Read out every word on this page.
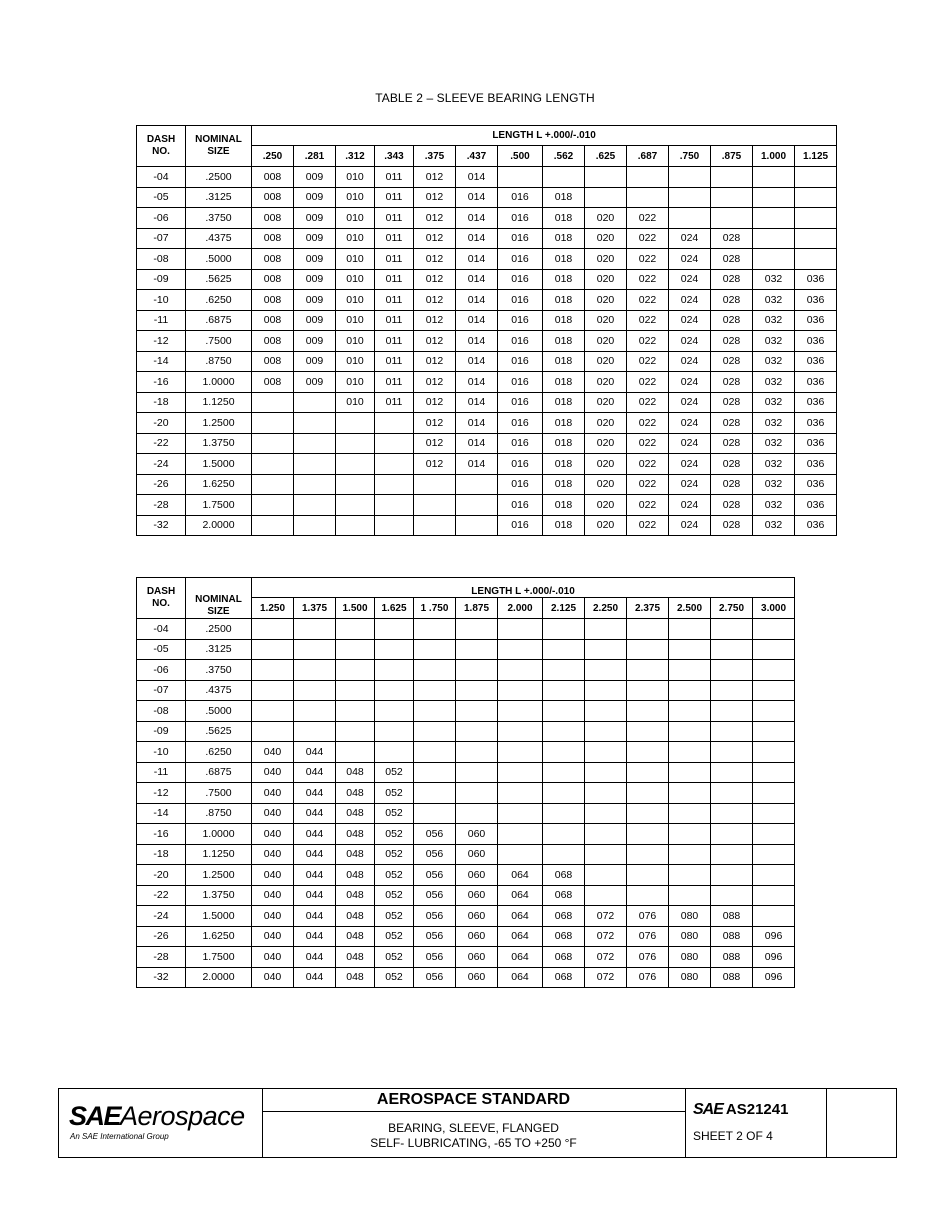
TABLE 2 – SLEEVE BEARING LENGTH
DASH
NO.	NOMINAL
SIZE	LENGTH L +.000/-.010													
		.250	.281	.312	.343	.375	.437	.500	.562	.625	.687	.750	.875	1.000	1.125
-04	.2500	008	009	010	011	012	014								
-05	.3125	008	009	010	011	012	014	016	018						
-06	.3750	008	009	010	011	012	014	016	018	020	022				
-07	.4375	008	009	010	011	012	014	016	018	020	022	024	028		
-08	.5000	008	009	010	011	012	014	016	018	020	022	024	028		
-09	.5625	008	009	010	011	012	014	016	018	020	022	024	028	032	036
-10	.6250	008	009	010	011	012	014	016	018	020	022	024	028	032	036
-11	.6875	008	009	010	011	012	014	016	018	020	022	024	028	032	036
-12	.7500	008	009	010	011	012	014	016	018	020	022	024	028	032	036
-14	.8750	008	009	010	011	012	014	016	018	020	022	024	028	032	036
-16	1.0000	008	009	010	011	012	014	016	018	020	022	024	028	032	036
-18	1.1250			010	011	012	014	016	018	020	022	024	028	032	036
-20	1.2500					012	014	016	018	020	022	024	028	032	036
-22	1.3750					012	014	016	018	020	022	024	028	032	036
-24	1.5000					012	014	016	018	020	022	024	028	032	036
-26	1.6250							016	018	020	022	024	028	032	036
-28	1.7500							016	018	020	022	024	028	032	036
-32	2.0000							016	018	020	022	024	028	032	036
DASH
NO.	NOMINAL
SIZE	LENGTH L +.000/-.010												
		1.250	1.375	1.500	1.625	1 .750	1.875	2.000	2.125	2.250	2.375	2.500	2.750	3.000
-04	.2500													
-05	.3125													
-06	.3750													
-07	.4375													
-08	.5000													
-09	.5625													
-10	.6250	040	044											
-11	.6875	040	044	048	052									
-12	.7500	040	044	048	052									
-14	.8750	040	044	048	052									
-16	1.0000	040	044	048	052	056	060							
-18	1.1250	040	044	048	052	056	060							
-20	1.2500	040	044	048	052	056	060	064	068					
-22	1.3750	040	044	048	052	056	060	064	068					
-24	1.5000	040	044	048	052	056	060	064	068	072	076	080	088	
-26	1.6250	040	044	048	052	056	060	064	068	072	076	080	088	096
-28	1.7500	040	044	048	052	056	060	064	068	072	076	080	088	096
-32	2.0000	040	044	048	052	056	060	064	068	072	076	080	088	096
SAEAerospace
An SAE International Group
AEROSPACE STANDARD
BEARING, SLEEVE, FLANGED
SELF- LUBRICATING, -65 TO +250 °F
SAE AS21241
SHEET 2 OF 4
